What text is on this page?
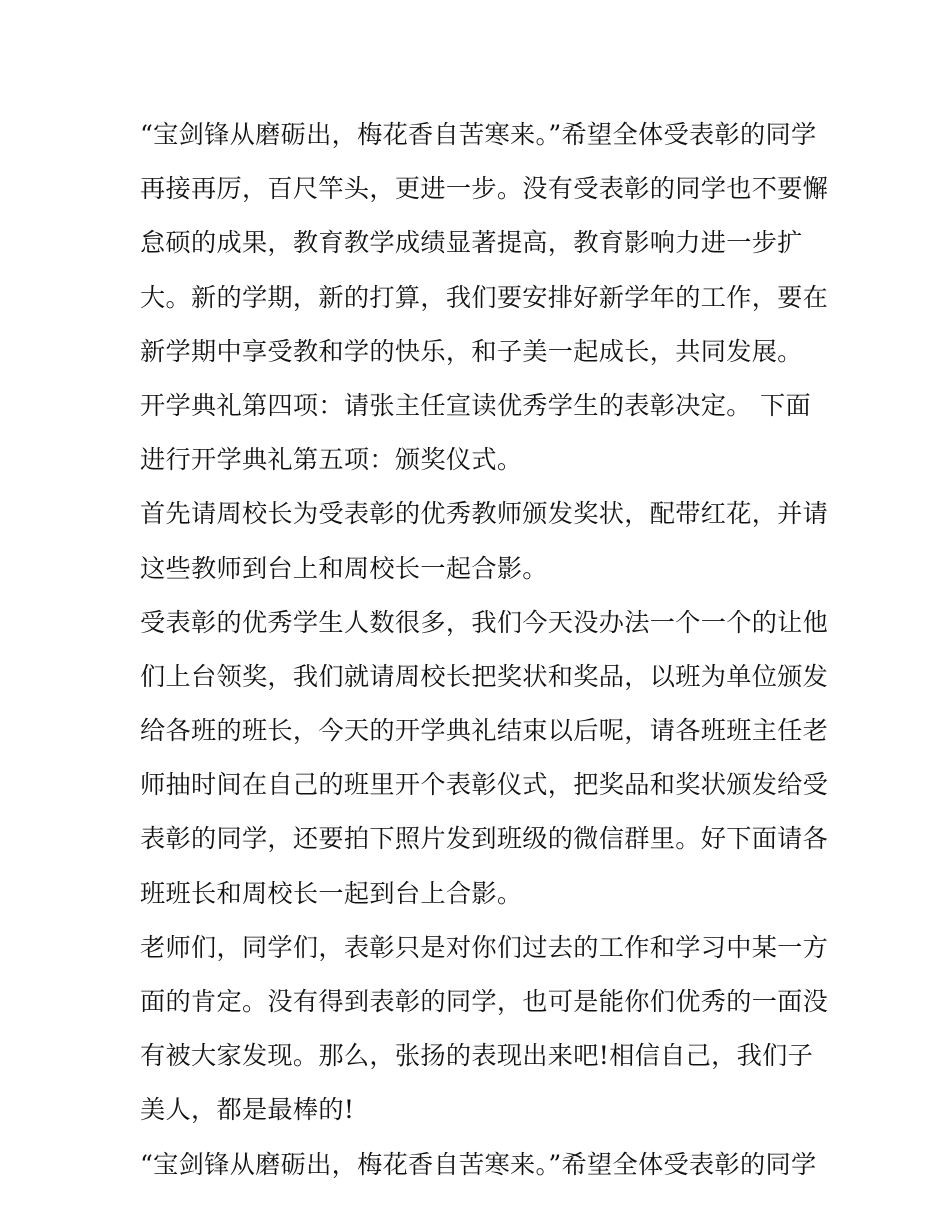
“宝剑锋从磨砺出，梅花香自苦寒来。”希望全体受表彰的同学
再接再厉，百尺竿头，更进一步。没有受表彰的同学也不要懈
怠硕的成果，教育教学成绩显著提高，教育影响力进一步扩
大。新的学期，新的打算，我们要安排好新学年的工作，要在
新学期中享受教和学的快乐，和子美一起成长，共同发展。
开学典礼第四项：请张主任宣读优秀学生的表彰决定。 下面
进行开学典礼第五项：颁奖仪式。
首先请周校长为受表彰的优秀教师颁发奖状，配带红花，并请
这些教师到台上和周校长一起合影。
受表彰的优秀学生人数很多，我们今天没办法一个一个的让他
们上台领奖，我们就请周校长把奖状和奖品，以班为单位颁发
给各班的班长，今天的开学典礼结束以后呢，请各班班主任老
师抽时间在自己的班里开个表彰仪式，把奖品和奖状颁发给受
表彰的同学，还要拍下照片发到班级的微信群里。好下面请各
班班长和周校长一起到台上合影。
老师们，同学们，表彰只是对你们过去的工作和学习中某一方
面的肯定。没有得到表彰的同学，也可是能你们优秀的一面没
有被大家发现。那么，张扬的表现出来吧!相信自己，我们子
美人，都是最棒的!
“宝剑锋从磨砺出，梅花香自苦寒来。”希望全体受表彰的同学
